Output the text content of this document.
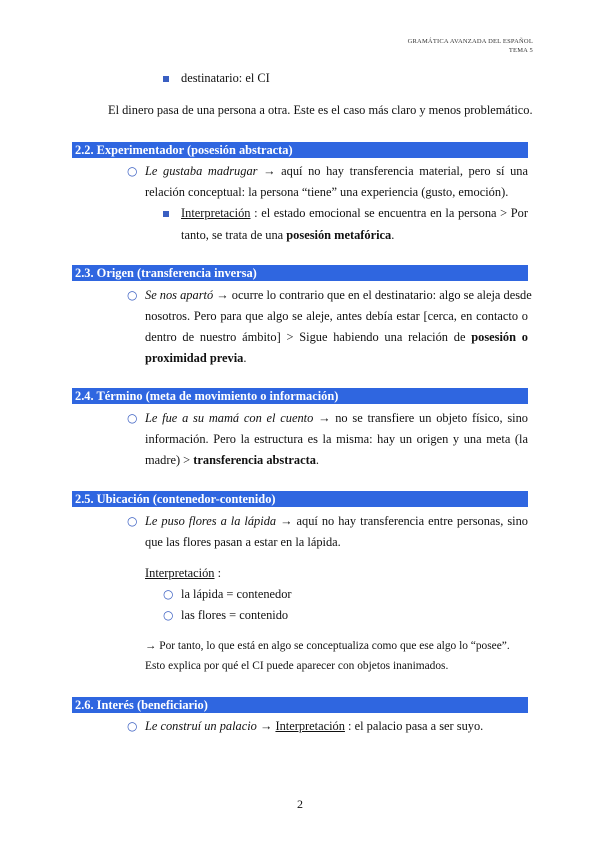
GRAMÁTICA AVANZADA DEL ESPAÑOL
TEMA 5
destinatario: el CI
El dinero pasa de una persona a otra. Este es el caso más claro y menos problemático.
2.2. Experimentador (posesión abstracta)
○
Le gustaba madrugar → aquí no hay transferencia material, pero sí una
relación conceptual: la persona “tiene” una experiencia (gusto, emoción).
Interpretación : el estado emocional se encuentra en la persona > Por
tanto, se trata de una posesión metafórica.
2.3. Origen (transferencia inversa)
○
Se nos apartó → ocurre lo contrario que en el destinatario: algo se aleja desde
nosotros. Pero para que algo se aleje, antes debía estar [cerca, en contacto o
dentro de nuestro ámbito] > Sigue habiendo una relación de posesión o
proximidad previa.
2.4. Término (meta de movimiento o información)
○
Le fue a su mamá con el cuento → no se transfiere un objeto físico, sino
información. Pero la estructura es la misma: hay un origen y una meta (la
madre) > transferencia abstracta.
2.5. Ubicación (contenedor-contenido)
○
Le puso flores a la lápida → aquí no hay transferencia entre personas, sino
que las flores pasan a estar en la lápida.
Interpretación :
○
la lápida = contenedor
○
las flores = contenido
→ Por tanto, lo que está en algo se conceptualiza como que ese algo lo “posee”.
Esto explica por qué el CI puede aparecer con objetos inanimados.
2.6. Interés (beneficiario)
○
Le construí un palacio → Interpretación : el palacio pasa a ser suyo.
2
